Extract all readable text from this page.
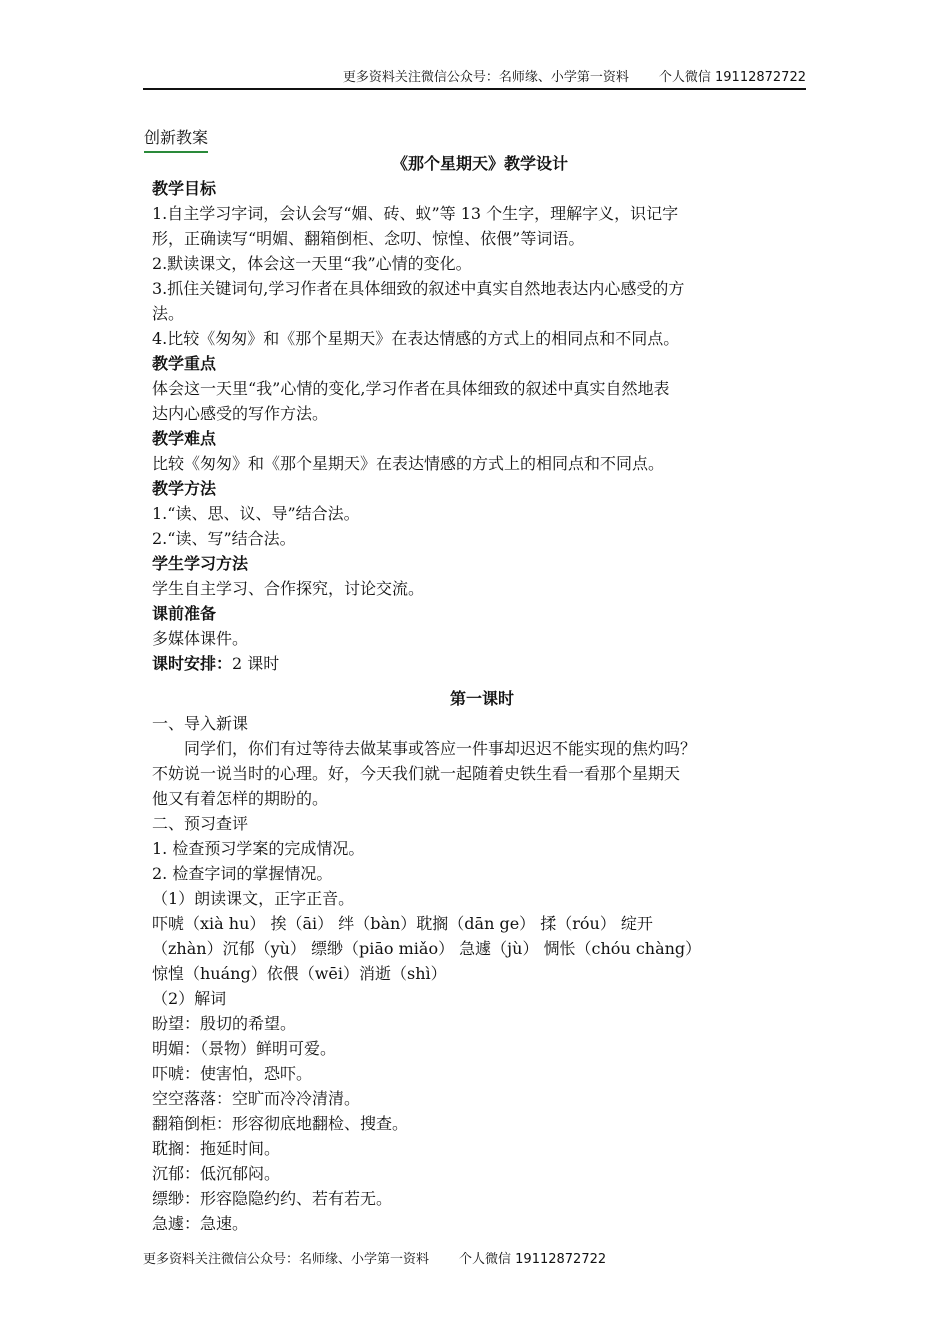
更多资料关注微信公众号：名师缘、小学第一资料 个人微信 19112872722
创新教案
《那个星期天》教学设计
教学目标
1.自主学习字词，会认会写“媚、砖、蚁”等 13 个生字，理解字义，识记字
形，正确读写“明媚、翻箱倒柜、念叨、惊惶、依偎”等词语。
2.默读课文，体会这一天里“我”心情的变化。
3.抓住关键词句,学习作者在具体细致的叙述中真实自然地表达内心感受的方
法。
4.比较《匆匆》和《那个星期天》在表达情感的方式上的相同点和不同点。
教学重点
体会这一天里“我”心情的变化,学习作者在具体细致的叙述中真实自然地表
达内心感受的写作方法。
教学难点
比较《匆匆》和《那个星期天》在表达情感的方式上的相同点和不同点。
教学方法
1.“读、思、议、导”结合法。
2.“读、写”结合法。
学生学习方法
学生自主学习、合作探究，讨论交流。
课前准备
多媒体课件。
课时安排：2 课时
第一课时
一、导入新课
同学们，你们有过等待去做某事或答应一件事却迟迟不能实现的焦灼吗？
不妨说一说当时的心理。好，今天我们就一起随着史铁生看一看那个星期天
他又有着怎样的期盼的。
二、预习查评
1. 检查预习学案的完成情况。
2. 检查字词的掌握情况。
（1）朗读课文，正字正音。
吓唬（xià hu） 挨（āi） 绊（bàn）耽搁（dān ge） 揉（róu） 绽开
（zhàn）沉郁（yù） 缥缈（piāo miǎo） 急遽（jù） 惆怅（chóu chàng）
惊惶（huáng）依偎（wēi）消逝（shì）
（2）解词
盼望：殷切的希望。
明媚：（景物）鲜明可爱。
吓唬：使害怕，恐吓。
空空落落：空旷而冷冷清清。
翻箱倒柜：形容彻底地翻检、搜查。
耽搁：拖延时间。
沉郁：低沉郁闷。
缥缈：形容隐隐约约、若有若无。
急遽：急速。
更多资料关注微信公众号：名师缘、小学第一资料 个人微信 19112872722
